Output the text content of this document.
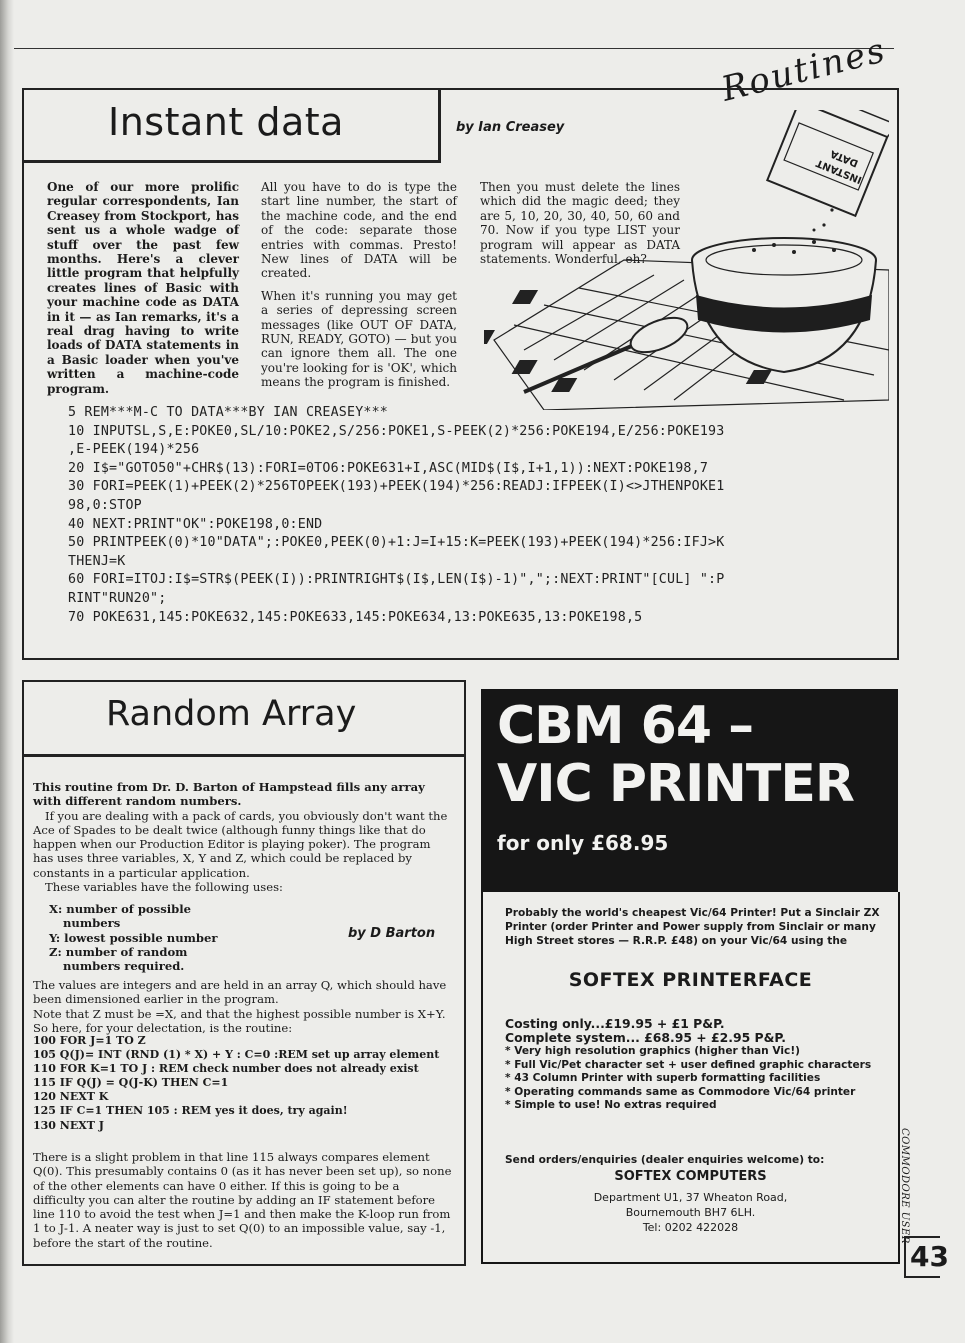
Routines
Instant data	by Ian Creasey
One of our more prolific regular correspondents, Ian Creasey from Stockport, has sent us a whole wadge of stuff over the past few months. Here's a clever little program that helpfully creates lines of Basic with your machine code as DATA in it — as Ian remarks, it's a real drag having to write loads of DATA statements in a Basic loader when you've written a machine-code program.

All you have to do is type the start line number, the start of the machine code, and the end of the code: separate those entries with commas. Presto! New lines of DATA will be created.

When it's running you may get a series of depressing screen messages (like OUT OF DATA, RUN, READY, GOTO) — but you can ignore them all. The one you're looking for is 'OK', which means the program is finished.

Then you must delete the lines which did the magic deed; they are 5, 10, 20, 30, 40, 50, 60 and 70. Now if you type LIST your program will appear as DATA statements. Wonderful, eh?
INSTANT DATA
5 REM***M-C TO DATA***BY IAN CREASEY***
10 INPUTSL,S,E:POKE0,SL/10:POKE2,S/256:POKE1,S-PEEK(2)*256:POKE194,E/256:POKE193
,E-PEEK(194)*256
20 I$="GOTO50"+CHR$(13):FORI=0TO6:POKE631+I,ASC(MID$(I$,I+1,1)):NEXT:POKE198,7
30 FORI=PEEK(1)+PEEK(2)*256TOPEEK(193)+PEEK(194)*256:READJ:IFPEEK(I)<>JTHENPOKE1
98,0:STOP
40 NEXT:PRINT"OK":POKE198,0:END
50 PRINTPEEK(0)*10"DATA";:POKE0,PEEK(0)+1:J=I+15:K=PEEK(193)+PEEK(194)*256:IFJ>K
THENJ=K
60 FORI=ITOJ:I$=STR$(PEEK(I)):PRINTRIGHT$(I$,LEN(I$)-1)",";:NEXT:PRINT"[CUL] ":P
RINT"RUN20";
70 POKE631,145:POKE632,145:POKE633,145:POKE634,13:POKE635,13:POKE198,5
Random Array
This routine from Dr. D. Barton of Hampstead fills any array with different random numbers.
If you are dealing with a pack of cards, you obviously don't want the Ace of Spades to be dealt twice (although funny things like that do happen when our Production Editor is playing poker). The program has uses three variables, X, Y and Z, which could be replaced by constants in a particular application.
These variables have the following uses:
X: number of possible
numbers
Y: lowest possible number
Z: number of random
numbers required.
by D Barton
The values are integers and are held in an array Q, which should have been dimensioned earlier in the program.
Note that Z must be =X, and that the highest possible number is X+Y. So here, for your delectation, is the routine:
100 FOR J=1 TO Z
105 Q(J)= INT (RND (1) * X) + Y : C=0 :REM set up array element
110 FOR K=1 TO J : REM check number does not already exist
115 IF Q(J) = Q(J-K) THEN C=1
120 NEXT K
125 IF C=1 THEN 105 : REM yes it does, try again!
130 NEXT J
There is a slight problem in that line 115 always compares element Q(0). This presumably contains 0 (as it has never been set up), so none of the other elements can have 0 either. If this is going to be a difficulty you can alter the routine by adding an IF statement before line 110 to avoid the test when J=1 and then make the K-loop run from 1 to J-1. A neater way is just to set Q(0) to an impossible value, say -1, before the start of the routine.
CBM 64 –
VIC PRINTER
for only £68.95
Probably the world's cheapest Vic/64 Printer! Put a Sinclair ZX Printer (order Printer and Power supply from Sinclair or many High Street stores — R.R.P. £48) on your Vic/64 using the
SOFTEX PRINTERFACE
Costing only...£19.95 + £1 P&P.
Complete system... £68.95 + £2.95 P&P.
* Very high resolution graphics (higher than Vic!)
* Full Vic/Pet character set + user defined graphic characters
* 43 Column Printer with superb formatting facilities
* Operating commands same as Commodore Vic/64 printer
* Simple to use! No extras required
Send orders/enquiries (dealer enquiries welcome) to:
SOFTEX COMPUTERS
Department U1, 37 Wheaton Road,
Bournemouth BH7 6LH.
Tel: 0202 422028	COMMODORE USER
43
